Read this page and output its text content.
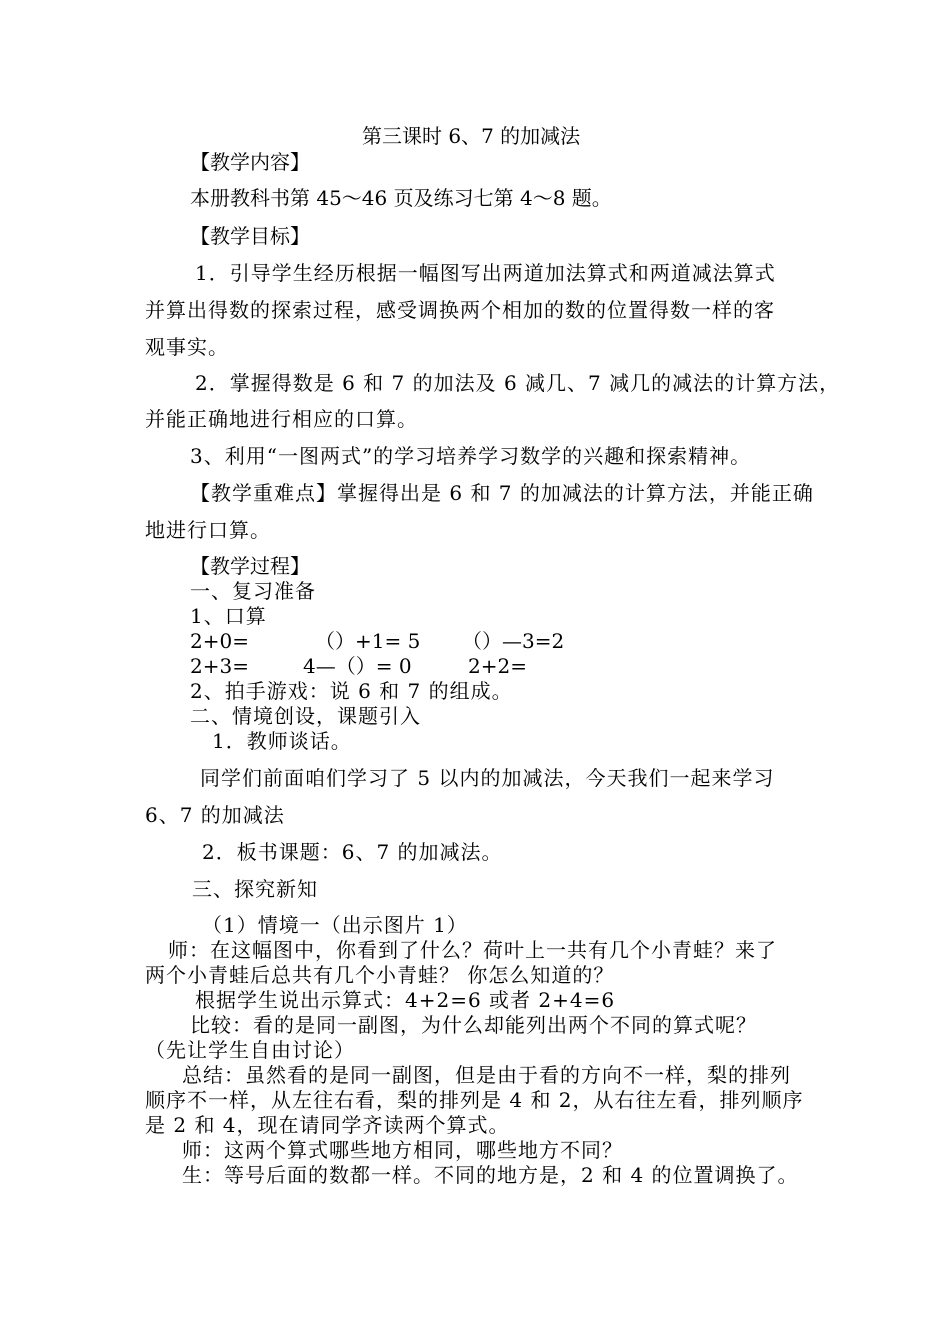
第三课时 6、7 的加减法
【教学内容】
本册教科书第 45～46 页及练习七第 4～8 题。
【教学目标】
1．引导学生经历根据一幅图写出两道加法算式和两道减法算式
并算出得数的探索过程，感受调换两个相加的数的位置得数一样的客
观事实。
2．掌握得数是 6 和 7 的加法及 6 减几、7 减几的减法的计算方法，
并能正确地进行相应的口算。
3、利用“一图两式”的学习培养学习数学的兴趣和探索精神。
【教学重难点】掌握得出是 6 和 7 的加减法的计算方法，并能正确
地进行口算。
【教学过程】
一、复习准备
1、口算
2+0=	（）+1= 5 （）—3=2
2+3=	4—（）= 0	2+2=
2、拍手游戏：说 6 和 7 的组成。
二、情境创设，课题引入
1．教师谈话。
同学们前面咱们学习了 5 以内的加减法，今天我们一起来学习
6、7 的加减法
2．板书课题：6、7 的加减法。
三、探究新知
（1）情境一（出示图片 1）
师：在这幅图中，你看到了什么？荷叶上一共有几个小青蛙？来了
两个小青蛙后总共有几个小青蛙？ 你怎么知道的？
根据学生说出示算式：4+2=6 或者 2+4=6
比较：看的是同一副图，为什么却能列出两个不同的算式呢？
（先让学生自由讨论）
总结：虽然看的是同一副图，但是由于看的方向不一样，梨的排列
顺序不一样，从左往右看，梨的排列是 4 和 2，从右往左看，排列顺序
是 2 和 4，现在请同学齐读两个算式。
师：这两个算式哪些地方相同，哪些地方不同？
生：等号后面的数都一样。不同的地方是，2 和 4 的位置调换了。
